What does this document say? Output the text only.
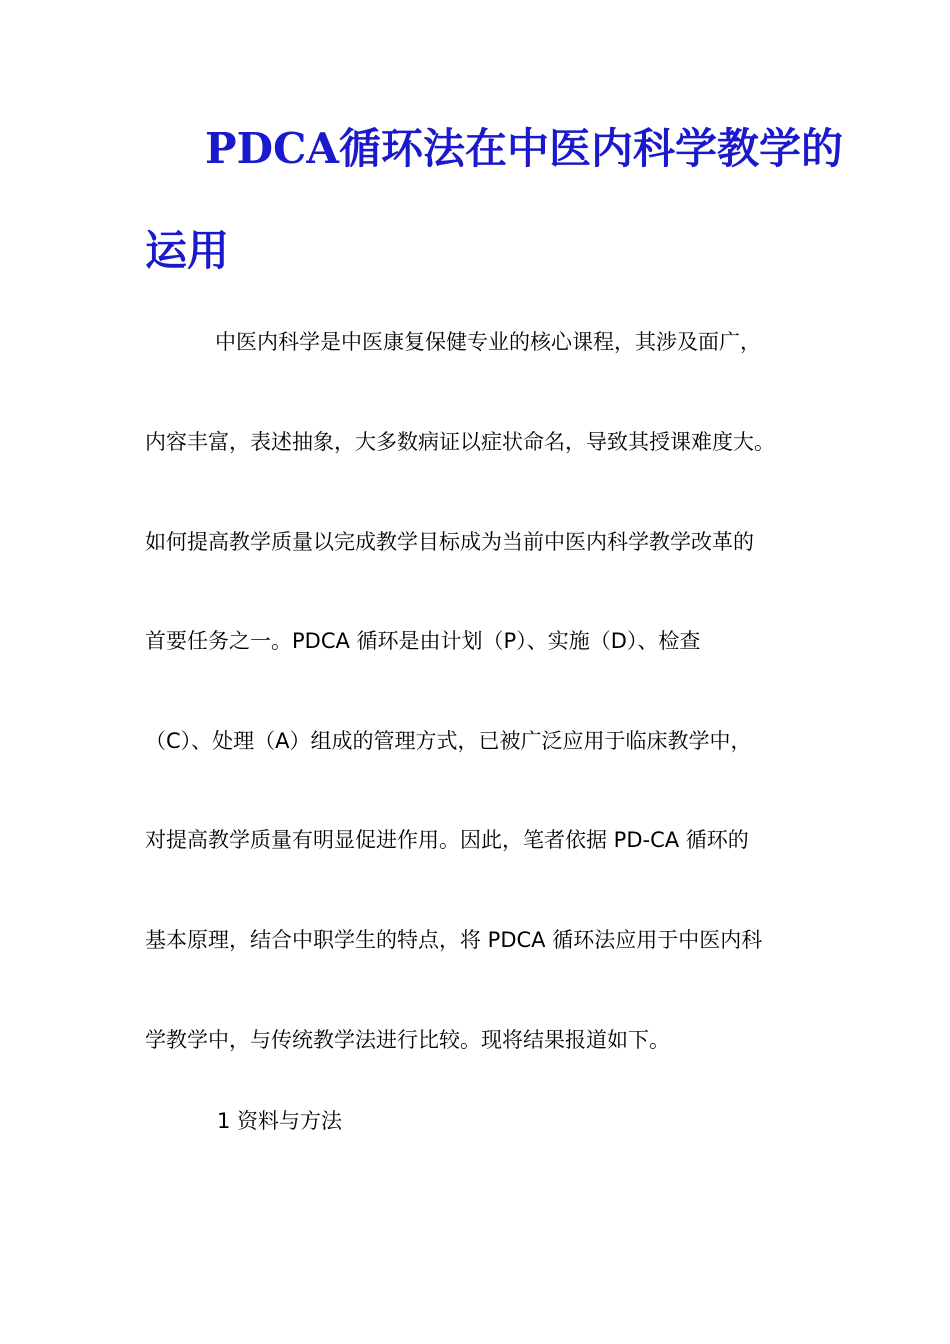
PDCA循环法在中医内科学教学的
运用
中医内科学是中医康复保健专业的核心课程，其涉及面广，
内容丰富，表述抽象，大多数病证以症状命名，导致其授课难度大。
如何提高教学质量以完成教学目标成为当前中医内科学教学改革的
首要任务之一。PDCA 循环是由计划（P）、实施（D）、检查
（C）、处理（A）组成的管理方式，已被广泛应用于临床教学中，
对提高教学质量有明显促进作用。因此，笔者依据 PD-CA 循环的
基本原理，结合中职学生的特点，将 PDCA 循环法应用于中医内科
学教学中，与传统教学法进行比较。现将结果报道如下。
1 资料与方法
